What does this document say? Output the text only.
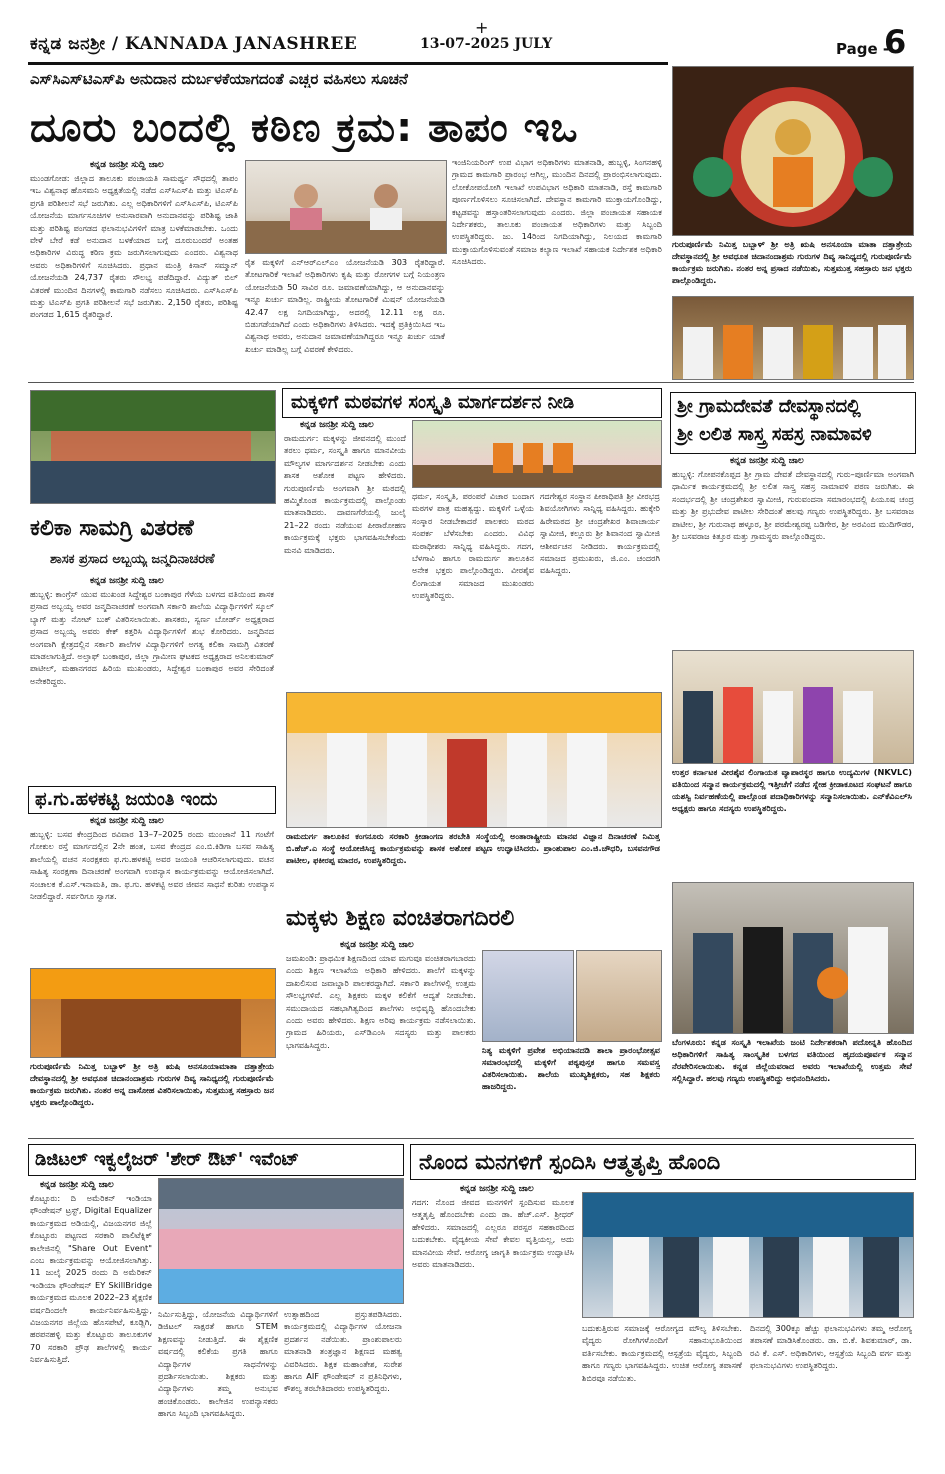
+
ಕನ್ನಡ ಜನಶ್ರೀ / KANNADA JANASHREE	13-07-2025 JULY	Page -
6
ಎಸ್‌ಸಿಎಸ್‌ಟಿಎಸ್‌ಪಿ ಅನುದಾನ ದುರ್ಬಳಕೆಯಾಗದಂತೆ ಎಚ್ಚರ ವಹಿಸಲು ಸೂಚನೆ
ದೂರು ಬಂದಲ್ಲಿ ಕಠಿಣ ಕ್ರಮ: ತಾಪಂ ಇಒ
ಕನ್ನಡ ಜನಶ್ರೀ ಸುದ್ದಿ ಜಾಲ
ಮುಂಡಗೋಡ: ಜಿಲ್ಲಾದ ತಾಲೂಕು ಪಂಚಾಯತಿ ಸಾಮರ್ಥ್ಯ ಸೌಧದಲ್ಲಿ ತಾಪಂ ಇಒ ವಿಶ್ವನಾಥ ಹೊಸಮನಿ ಅಧ್ಯಕ್ಷತೆಯಲ್ಲಿ ನಡೆದ ಎಸ್‌ಸಿಎಸ್‌ಪಿ ಮತ್ತು ಟಿಎಸ್‌ಪಿ ಪ್ರಗತಿ ಪರಿಶೀಲನೆ ಸಭೆ ಜರುಗಿತು. ಎಲ್ಲ ಅಧಿಕಾರಿಗಳಿಗೆ ಎಸ್‌ಸಿಎಸ್‌ಪಿ, ಟಿಎಸ್‌ಪಿ ಯೋಜನೆಯ ಮಾರ್ಗಸೂಚಿಗಳ ಅನುಸಾರವಾಗಿ ಅನುದಾನವನ್ನು ಪರಿಶಿಷ್ಟ ಜಾತಿ ಮತ್ತು ಪರಿಶಿಷ್ಟ ಪಂಗಡದ ಫಲಾನುಭವಿಗಳಿಗೆ ಮಾತ್ರ ಬಳಕೆಮಾಡಬೇಕು. ಒಂದು ವೇಳೆ ಬೇರೆ ಕಡೆ ಅನುದಾನ ಬಳಕೆಯಾದ ಬಗ್ಗೆ ದೂರುಬಂದರೆ ಅಂತಹ ಅಧಿಕಾರಿಗಳ ವಿರುದ್ಧ ಕಠಿಣ ಕ್ರಮ ಜರುಗಿಸಲಾಗುವುದು ಎಂದರು. ವಿಶ್ವನಾಥ ಅವರು ಅಧಿಕಾರಿಗಳಿಗೆ ಸೂಚಿಸಿದರು. ಪ್ರಧಾನ ಮಂತ್ರಿ ಕಿಸಾನ್ ಸಮ್ಮಾನ್ ಯೋಜನೆಯಡಿ 24,737 ರೈತರು ಸೌಲಭ್ಯ ಪಡೆದಿದ್ದಾರೆ. ವಿದ್ಯುತ್ ಬಿಲ್ ವಿತರಣೆ ಮುಂದಿನ ದಿನಗಳಲ್ಲಿ ಕಾಮಗಾರಿ ನಡೆಸಲು ಸೂಚಿಸಿದರು. ಎಸ್‌ಸಿಎಸ್‌ಪಿ ಮತ್ತು ಟಿಎಸ್‌ಪಿ ಪ್ರಗತಿ ಪರಿಶೀಲನೆ ಸಭೆ ಜರುಗಿತು. 2,150 ರೈತರು, ಪರಿಶಿಷ್ಟ ಪಂಗಡದ 1,615 ರೈತರಿದ್ದಾರೆ.
ರೈತ ಮಕ್ಕಳಿಗೆ ಎನ್‌ಆರ್‌ಎಲ್‌ಎಂ ಯೋಜನೆಯಡಿ 303 ರೈತರಿದ್ದಾರೆ. ತೋಟಗಾರಿಕೆ ಇಲಾಖೆ ಅಧಿಕಾರಿಗಳು ಕೃಷಿ ಮತ್ತು ರೋಗಗಳ ಬಗ್ಗೆ ನಿಯಂತ್ರಣ ಯೋಜನೆಯಡಿ 50 ಸಾವಿರ ರೂ. ಜಮಾವಣೆಯಾಗಿದ್ದು, ಆ ಅನುದಾನವನ್ನು ಇನ್ನೂ ಖರ್ಚು ಮಾಡಿಲ್ಲ. ರಾಷ್ಟ್ರೀಯ ತೋಟಗಾರಿಕೆ ಮಿಷನ್ ಯೋಜನೆಯಡಿ 42.47 ಲಕ್ಷ ನಿಗದಿಯಾಗಿದ್ದು, ಅದರಲ್ಲಿ 12.11 ಲಕ್ಷ ರೂ. ಬಿಡುಗಡೆಯಾಗಿದೆ ಎಂದು ಅಧಿಕಾರಿಗಳು ತಿಳಿಸಿದರು. ಇದಕ್ಕೆ ಪ್ರತಿಕ್ರಿಯಿಸಿದ ಇಒ ವಿಶ್ವನಾಥ ಅವರು, ಅನುದಾನ ಜಮಾವಣೆಯಾಗಿದ್ದರೂ ಇನ್ನೂ ಖರ್ಚು ಯಾಕೆ ಖರ್ಚು ಮಾಡಿಲ್ಲ ಬಗ್ಗೆ ವಿವರಣೆ ಕೇಳಿದರು.
ಇಂಜಿನಿಯರಿಂಗ್ ಉಪ ವಿಭಾಗ ಅಧಿಕಾರಿಗಳು ಮಾತನಾಡಿ, ಹುಬ್ಬಳ್ಳಿ, ಸಿಂಗನಹಳ್ಳಿ ಗ್ರಾಮದ ಕಾಮಗಾರಿ ಪ್ರಾರಂಭ ಆಗಿಲ್ಲ, ಮುಂದಿನ ದಿನದಲ್ಲಿ ಪ್ರಾರಂಭಿಸಲಾಗುವುದು. ಲೋಕೋಪಯೋಗಿ ಇಲಾಖೆ ಉಪವಿಭಾಗ ಅಧಿಕಾರಿ ಮಾತನಾಡಿ, ರಸ್ತೆ ಕಾಮಗಾರಿ ಪೂರ್ಣಗೊಳಿಸಲು ಸೂಚಿಸಲಾಗಿದೆ. ದೇವಸ್ಥಾನ ಕಾಮಗಾರಿ ಮುಕ್ತಾಯಗೊಂಡಿದ್ದು, ಕಟ್ಟಡವನ್ನು ಹಸ್ತಾಂತರಿಸಲಾಗುವುದು ಎಂದರು. ಜಿಲ್ಲಾ ಪಂಚಾಯತ ಸಹಾಯಕ ನಿರ್ದೇಶಕರು, ತಾಲೂಕು ಪಂಚಾಯತ ಅಧಿಕಾರಿಗಳು ಮತ್ತು ಸಿಬ್ಬಂದಿ ಉಪಸ್ಥಿತರಿದ್ದರು. ಜು. 14ರಿಂದ ನಿಗದಿಯಾಗಿದ್ದು, ನಿಲಯದ ಕಾಮಗಾರಿ ಮುಕ್ತಾಯಗೊಳಿಸುವಂತೆ ಸಮಾಜ ಕಲ್ಯಾಣ ಇಲಾಖೆ ಸಹಾಯಕ ನಿರ್ದೇಶಕ ಅಧಿಕಾರಿ ಸೂಚಿಸಿದರು.
ಗುರುಪೂರ್ಣಿಮೆ ನಿಮಿತ್ತ ಬಬ್ಬಾಳ್‌ ಶ್ರೀ ಅತ್ರಿ ಋಷಿ ಅನಸೂಯಾ ಮಾತಾ ದತ್ತಾತ್ರೇಯ ದೇವಸ್ಥಾನದಲ್ಲಿ ಶ್ರೀ ಅವಧೂತ ಚಿದಾನಂದಾಶ್ರಮ ಗುರುಗಳ ದಿವ್ಯ ಸಾನಿಧ್ಯದಲ್ಲಿ ಗುರುಪೂರ್ಣಿಮೆ ಕಾರ್ಯಕ್ರಮ ಜರುಗಿತು. ನಂತರ ಅನ್ನ ಪ್ರಸಾದ ನಡೆಯಿತು, ಸುತ್ತಮುತ್ತ ಸಹಸ್ರಾರು ಜನ ಭಕ್ತರು ಪಾಲ್ಗೊಂಡಿದ್ದರು.
ಕಲಿಕಾ ಸಾಮಗ್ರಿ ವಿತರಣೆ
ಶಾಸಕ ಪ್ರಸಾದ ಅಬ್ಬಯ್ಯ ಜನ್ಮದಿನಾಚರಣೆ
ಕನ್ನಡ ಜನಶ್ರೀ ಸುದ್ದಿ ಜಾಲ
ಹುಬ್ಬಳ್ಳಿ: ಕಾಂಗ್ರೆಸ್ ಯುವ ಮುಖಂಡ ಸಿದ್ದೇಶ್ವರ ಬಂಕಾಪುರ ಗೆಳೆಯ ಬಳಗದ ವತಿಯಿಂದ ಶಾಸಕ ಪ್ರಸಾದ ಅಬ್ಬಯ್ಯ ಅವರ ಜನ್ಮದಿನಾಚರಣೆ ಅಂಗವಾಗಿ ಸರ್ಕಾರಿ ಶಾಲೆಯ ವಿದ್ಯಾರ್ಥಿಗಳಿಗೆ ಸ್ಕೂಲ್ ಬ್ಯಾಗ್ ಮತ್ತು ನೋಟ್ ಬುಕ್ ವಿತರಿಸಲಾಯಿತು. ಶಾಸಕರು, ಸ್ವರ್ಣ ಬೋರ್ಡ್ ಅಧ್ಯಕ್ಷರಾದ ಪ್ರಸಾದ ಅಬ್ಬಯ್ಯ ಅವರು ಕೇಕ್ ಕತ್ತರಿಸಿ ವಿದ್ಯಾರ್ಥಿಗಳಿಗೆ ಶುಭ ಕೋರಿದರು. ಜನ್ಮದಿನದ ಅಂಗವಾಗಿ ಕ್ಷೇತ್ರದಲ್ಲಿನ ಸರ್ಕಾರಿ ಶಾಲೆಗಳ ವಿದ್ಯಾರ್ಥಿಗಳಿಗೆ ಅಗತ್ಯ ಕಲಿಕಾ ಸಾಮಗ್ರಿ ವಿತರಣೆ ಮಾಡಲಾಗುತ್ತಿದೆ. ಅಲ್ತಾಫ್ ಬಂಕಾಪುರ, ಜಿಲ್ಲಾ ಗ್ರಾಮೀಣ ಘಟಕದ ಅಧ್ಯಕ್ಷರಾದ ಅನಿಲಕುಮಾರ್ ಪಾಟೀಲ್, ಮಹಾನಗರದ ಹಿರಿಯ ಮುಖಂಡರು, ಸಿದ್ದೇಶ್ವರ ಬಂಕಾಪುರ ಅವರ ಸೇರಿದಂತೆ ಅನೇಕರಿದ್ದರು.
ಫ.ಗು.ಹಳಕಟ್ಟಿ ಜಯಂತಿ ಇಂದು
ಕನ್ನಡ ಜನಶ್ರೀ ಸುದ್ದಿ ಜಾಲ
ಹುಬ್ಬಳ್ಳಿ: ಬಸವ ಕೇಂದ್ರದಿಂದ ರವಿವಾರ 13–7–2025 ರಂದು ಮುಂಜಾನೆ 11 ಗಂಟೆಗೆ ಗೋಕುಲ ರಸ್ತೆ ಮಾರ್ಗದಲ್ಲಿನ 2ನೇ ಹಂತ, ಬಸವ ಕೇಂದ್ರದ ಎಂ.ಬಿ.ಕಿಡಿಗಾ ಬಸವ ಸಾಹಿತ್ಯ ಶಾಲೆಯಲ್ಲಿ ವಚನ ಸಂರಕ್ಷಕರು ಫ.ಗು.ಹಳಕಟ್ಟಿ ಅವರ ಜಯಂತಿ ಆಚರಿಸಲಾಗುವುದು. ವಚನ ಸಾಹಿತ್ಯ ಸಂರಕ್ಷಣಾ ದಿನಾಚರಣೆ ಅಂಗವಾಗಿ ಉಪನ್ಯಾಸ ಕಾರ್ಯಕ್ರಮವನ್ನು ಆಯೋಜಿಸಲಾಗಿದೆ. ಸಂಚಾಲಕ ಕೆ.ಎಸ್.ಇನಾಮತಿ, ಡಾ. ಫ.ಗು. ಹಳಕಟ್ಟಿ ಅವರ ಜೀವನ ಸಾಧನೆ ಕುರಿತು ಉಪನ್ಯಾಸ ನೀಡಲಿದ್ದಾರೆ. ಸರ್ವರಿಗೂ ಸ್ವಾಗತ.
ಗುರುಪೂರ್ಣಿಮೆ ನಿಮಿತ್ತ ಬಬ್ಬಾಳ್‌ ಶ್ರೀ ಅತ್ರಿ ಋಷಿ ಅನಸೂಯಾಮಾತಾ ದತ್ತಾತ್ರೇಯ ದೇವಸ್ಥಾನದಲ್ಲಿ ಶ್ರೀ ಅವಧೂತ ಚಿದಾನಂದಾಶ್ರಮ ಗುರುಗಳ ದಿವ್ಯ ಸಾನಿಧ್ಯದಲ್ಲಿ ಗುರುಪೂರ್ಣಿಮೆ ಕಾರ್ಯಕ್ರಮ ಜರುಗಿತು. ನಂತರ ಅನ್ನ ದಾಸೋಹ ವಿತರಿಸಲಾಯಿತು, ಸುತ್ತಮುತ್ತ ಸಹಸ್ರಾರು ಜನ ಭಕ್ತರು ಪಾಲ್ಗೊಂಡಿದ್ದರು.
ಮಕ್ಕಳಿಗೆ ಮಠವಗಳ ಸಂಸ್ಕೃತಿ ಮಾರ್ಗದರ್ಶನ ನೀಡಿ
ಕನ್ನಡ ಜನಶ್ರೀ ಸುದ್ದಿ ಜಾಲ
ರಾಮದುರ್ಗ: ಮಕ್ಕಳನ್ನು ಜೀವನದಲ್ಲಿ ಮುಂದೆ ತರಲು ಧರ್ಮ, ಸಂಸ್ಕೃತಿ ಹಾಗೂ ಮಾನವೀಯ ಮೌಲ್ಯಗಳ ಮಾರ್ಗದರ್ಶನ ನೀಡಬೇಕು ಎಂದು ಶಾಸಕ ಅಶೋಕ ಪಟ್ಟಣ ಹೇಳಿದರು. ಗುರುಪೂರ್ಣಿಮೆ ಅಂಗವಾಗಿ ಶ್ರೀ ಮಠದಲ್ಲಿ ಹಮ್ಮಿಕೊಂಡ ಕಾರ್ಯಕ್ರಮದಲ್ಲಿ ಪಾಲ್ಗೊಂಡು ಮಾತನಾಡಿದರು. ದಾವಣಗೆರೆಯಲ್ಲಿ ಜುಲೈ 21–22 ರಂದು ನಡೆಯುವ ಪೀಠಾರೋಹಣ ಕಾರ್ಯಕ್ರಮಕ್ಕೆ ಭಕ್ತರು ಭಾಗವಹಿಸಬೇಕೆಂದು ಮನವಿ ಮಾಡಿದರು.
ಧರ್ಮ, ಸಂಸ್ಕೃತಿ, ಪರಂಪರೆ ವಿಚಾರ ಬಂದಾಗ ಮಠಗಳ ಪಾತ್ರ ಮಹತ್ವದ್ದು. ಮಕ್ಕಳಿಗೆ ಒಳ್ಳೆಯ ಸಂಸ್ಕಾರ ನೀಡಬೇಕಾದರೆ ಪಾಲಕರು ಮಠದ ಸಂಪರ್ಕ ಬೆಳೆಸಬೇಕು ಎಂದರು. ವಿವಿಧ ಮಠಾಧೀಶರು ಸಾನ್ನಿಧ್ಯ ವಹಿಸಿದ್ದರು. ಗದಗ, ಬೆಳಗಾವಿ ಹಾಗೂ ರಾಮದುರ್ಗ ತಾಲೂಕಿನ ಅನೇಕ ಭಕ್ತರು ಪಾಲ್ಗೊಂಡಿದ್ದರು. ವೀರಶೈವ ಲಿಂಗಾಯತ ಸಮಾಜದ ಮುಖಂಡರು ಉಪಸ್ಥಿತರಿದ್ದರು.
ಗದಗೇಶ್ವರ ಸಂಸ್ಥಾನ ಪೀಠಾಧಿಪತಿ ಶ್ರೀ ವೀರಭದ್ರ ಶಿವಯೋಗಿಗಳು ಸಾನ್ನಿಧ್ಯ ವಹಿಸಿದ್ದರು. ಹುಕ್ಕೇರಿ ಹಿರೇಮಠದ ಶ್ರೀ ಚಂದ್ರಶೇಖರ ಶಿವಾಚಾರ್ಯ ಸ್ವಾಮೀಜಿ, ಕಲ್ಲೂರು ಶ್ರೀ ಶಿವಾನಂದ ಸ್ವಾಮೀಜಿ ಆಶೀರ್ವಚನ ನೀಡಿದರು. ಕಾರ್ಯಕ್ರಮದಲ್ಲಿ ಸಮಾಜದ ಪ್ರಮುಖರು, ಜಿ.ಎಂ. ಚಂದರಗಿ ವಹಿಸಿದ್ದರು.
ರಾಮದುರ್ಗ ತಾಲೂಕಿನ ಕಂಗನೂರು ಸರಕಾರಿ ಕ್ರೀಡಾಂಗಣ ತರಬೇತಿ ಸಂಸ್ಥೆಯಲ್ಲಿ ಅಂತಾರಾಷ್ಟ್ರೀಯ ಮಾನವ ವಿಜ್ಞಾನ ದಿನಾಚರಣೆ ನಿಮಿತ್ತ ಬಿ.ಹೆಚ್.ಎ ಸಂಸ್ಥೆ ಆಯೋಜಿಸಿದ್ದ ಕಾರ್ಯಕ್ರಮವನ್ನು ಶಾಸಕ ಅಶೋಕ ಪಟ್ಟಣ ಉದ್ಘಾಟಿಸಿದರು. ಪ್ರಾಂಶುಪಾಲ ಎಂ.ಜಿ.ಚೌಧರಿ, ಬಸವನಗೌಡ ಪಾಟೀಲ, ಫಕೀರಪ್ಪ ಮಾದರ, ಉಪಸ್ಥಿತರಿದ್ದರು.
ಮಕ್ಕಳು ಶಿಕ್ಷಣ ವಂಚಿತರಾಗದಿರಲಿ
ಕನ್ನಡ ಜನಶ್ರೀ ಸುದ್ದಿ ಜಾಲ
ಜಮಖಂಡಿ: ಪ್ರಾಥಮಿಕ ಶಿಕ್ಷಣದಿಂದ ಯಾವ ಮಗುವೂ ವಂಚಿತರಾಗಬಾರದು ಎಂದು ಶಿಕ್ಷಣ ಇಲಾಖೆಯ ಅಧಿಕಾರಿ ಹೇಳಿದರು. ಶಾಲೆಗೆ ಮಕ್ಕಳನ್ನು ದಾಖಲಿಸುವ ಜವಾಬ್ದಾರಿ ಪಾಲಕರದ್ದಾಗಿದೆ. ಸರ್ಕಾರಿ ಶಾಲೆಗಳಲ್ಲಿ ಉತ್ತಮ ಸೌಲಭ್ಯಗಳಿವೆ. ಎಲ್ಲ ಶಿಕ್ಷಕರು ಮಕ್ಕಳ ಕಲಿಕೆಗೆ ಆದ್ಯತೆ ನೀಡಬೇಕು. ಸಮುದಾಯದ ಸಹಭಾಗಿತ್ವದಿಂದ ಶಾಲೆಗಳು ಅಭಿವೃದ್ಧಿ ಹೊಂದಬೇಕು ಎಂದು ಅವರು ಹೇಳಿದರು. ಶಿಕ್ಷಣ ಅರಿವು ಕಾರ್ಯಕ್ರಮ ನಡೆಸಲಾಯಿತು. ಗ್ರಾಮದ ಹಿರಿಯರು, ಎಸ್‌ಡಿಎಂಸಿ ಸದಸ್ಯರು ಮತ್ತು ಪಾಲಕರು ಭಾಗವಹಿಸಿದ್ದರು.
ನಿತ್ಯ ಮಕ್ಕಳಿಗೆ ಪ್ರವೇಶ ಅಭಿಯಾನದಡಿ ಶಾಲಾ ಪ್ರಾರಂಭೋತ್ಸವ ಸಮಾರಂಭದಲ್ಲಿ ಮಕ್ಕಳಿಗೆ ಪಠ್ಯಪುಸ್ತಕ ಹಾಗೂ ಸಮವಸ್ತ್ರ ವಿತರಿಸಲಾಯಿತು. ಶಾಲೆಯ ಮುಖ್ಯಶಿಕ್ಷಕರು, ಸಹ ಶಿಕ್ಷಕರು ಹಾಜರಿದ್ದರು.
ಶ್ರೀ ಗ್ರಾಮದೇವತೆ ದೇವಸ್ಥಾನದಲ್ಲಿ
ಶ್ರೀ ಲಲಿತ ಸಾಸ್ತ್ರ ಸಹಸ್ರ ನಾಮಾವಳಿ
ಕನ್ನಡ ಜನಶ್ರೀ ಸುದ್ದಿ ಜಾಲ
ಹುಬ್ಬಳ್ಳಿ: ಗೋಪನಕೊಪ್ಪದ ಶ್ರೀ ಗ್ರಾಮ ದೇವತೆ ದೇವಸ್ಥಾನದಲ್ಲಿ ಗುರು–ಪೂರ್ಣಿಮಾ ಅಂಗವಾಗಿ ಧಾರ್ಮಿಕ ಕಾರ್ಯಕ್ರಮದಲ್ಲಿ ಶ್ರೀ ಲಲಿತ ಸಾಸ್ತ್ರ ಸಹಸ್ರ ನಾಮಾವಳಿ ಪಠಣ ಜರುಗಿತು. ಈ ಸಂದರ್ಭದಲ್ಲಿ ಶ್ರೀ ಚಂದ್ರಶೇಖರ ಸ್ವಾಮೀಜಿ, ಗುರುವಂದನಾ ಸಮಾರಂಭದಲ್ಲಿ ಪಿಯೂಷ ಚಂದ್ರ ಮತ್ತು ಶ್ರೀ ಪ್ರಭುದೇವ ಪಾಟೀಲ ಸೇರಿದಂತೆ ಹಲವು ಗಣ್ಯರು ಉಪಸ್ಥಿತರಿದ್ದರು. ಶ್ರೀ ಬಸವರಾಜ ಪಾಟೀಲ, ಶ್ರೀ ಗುರುನಾಥ ಹಳ್ಳೂರ, ಶ್ರೀ ಪರಮೇಶ್ವರಪ್ಪ ಬಡಿಗೇರ, ಶ್ರೀ ಅರವಿಂದ ಮುದಿಗೌಡರ, ಶ್ರೀ ಬಸವರಾಜ ಕಿತ್ತೂರ ಮತ್ತು ಗ್ರಾಮಸ್ಥರು ಪಾಲ್ಗೊಂಡಿದ್ದರು.
ಉತ್ತರ ಕರ್ನಾಟಕ ವೀರಶೈವ ಲಿಂಗಾಯತ ವ್ಯಾಪಾರಸ್ಥರ ಹಾಗೂ ಉದ್ಯಮಿಗಳ (NKVLC) ವತಿಯಿಂದ ಸನ್ಮಾನ ಕಾರ್ಯಕ್ರಮದಲ್ಲಿ ಇತ್ತೀಚೆಗೆ ನಡೆದ ಸ್ನೇಹ ಕ್ರೀಡಾಕೂಟದ ಸಂಘಟನೆ ಹಾಗೂ ಯಶಸ್ವಿ ನಿರ್ವಹಣೆಯಲ್ಲಿ ಪಾಲ್ಗೊಂಡ ಪದಾಧಿಕಾರಿಗಳನ್ನು ಸನ್ಮಾನಿಸಲಾಯಿತು. ಎನ್‌ಕೆವಿಎಲ್‌ಸಿ ಅಧ್ಯಕ್ಷರು ಹಾಗೂ ಸದಸ್ಯರು ಉಪಸ್ಥಿತರಿದ್ದರು.
ಬೆಂಗಳೂರು: ಕನ್ನಡ ಸಂಸ್ಕೃತಿ ಇಲಾಖೆಯ ಜಂಟಿ ನಿರ್ದೇಶಕರಾಗಿ ಪದೋನ್ನತಿ ಹೊಂದಿದ ಅಧಿಕಾರಿಗಳಿಗೆ ಸಾಹಿತ್ಯ ಸಾಂಸ್ಕೃತಿಕ ಬಳಗದ ವತಿಯಿಂದ ಹೃದಯಪೂರ್ವಕ ಸನ್ಮಾನ ನೆರವೇರಿಸಲಾಯಿತು. ಕನ್ನಡ ಜಿಲ್ಲೆಯವರಾದ ಅವರು ಇಲಾಖೆಯಲ್ಲಿ ಉತ್ತಮ ಸೇವೆ ಸಲ್ಲಿಸಿದ್ದಾರೆ. ಹಲವು ಗಣ್ಯರು ಉಪಸ್ಥಿತರಿದ್ದು ಅಭಿನಂದಿಸಿದರು.
ಡಿಜಿಟಲ್ ಇಕ್ವಲೈಜರ್ 'ಶೇರ್ ಔಟ್' ಇವೆಂಟ್
ಕನ್ನಡ ಜನಶ್ರೀ ಸುದ್ದಿ ಜಾಲ
ಕೊಟ್ಟೂರು: ದಿ ಅಮೆರಿಕನ್ ಇಂಡಿಯಾ ಫೌಂಡೇಷನ್ ಟ್ರಸ್ಟ್, Digital Equalizer ಕಾರ್ಯಕ್ರಮದ ಅಡಿಯಲ್ಲಿ, ವಿಜಯನಗರ ಜಿಲ್ಲೆ ಕೊಟ್ಟೂರು ಪಟ್ಟಣದ ಸರಕಾರಿ ಪಾಲಿಟೆಕ್ನಿಕ್ ಕಾಲೇಜಿನಲ್ಲಿ "Share Out Event" ಎಂಬ ಕಾರ್ಯಕ್ರಮವನ್ನು ಆಯೋಜಿಸಲಾಗಿತ್ತು. 11 ಜುಲೈ 2025 ರಂದು ದಿ ಅಮೆರಿಕನ್ ಇಂಡಿಯಾ ಫೌಂಡೇಷನ್ EY SkillBridge ಕಾರ್ಯಕ್ರಮದ ಮೂಲಕ 2022–23 ಶೈಕ್ಷಣಿಕ ವರ್ಷದಿಂದಲೇ ಕಾರ್ಯನಿರ್ವಹಿಸುತ್ತಿದ್ದು, ವಿಜಯನಗರ ಜಿಲ್ಲೆಯ ಹೊಸಪೇಟೆ, ಕೂಡ್ಲಿಗಿ, ಹರಪನಹಳ್ಳಿ ಮತ್ತು ಕೊಟ್ಟೂರು ತಾಲೂಕುಗಳ 70 ಸರಕಾರಿ ಪ್ರೌಢ ಶಾಲೆಗಳಲ್ಲಿ ಕಾರ್ಯ ನಿರ್ವಹಿಸುತ್ತಿದೆ.
ನಿರ್ಮಿಸುತ್ತಿದ್ದು, ಯೋಜನೆಯ ವಿದ್ಯಾರ್ಥಿಗಳಿಗೆ ಡಿಜಿಟಲ್ ಸಾಕ್ಷರತೆ ಹಾಗೂ STEM ಶಿಕ್ಷಣವನ್ನು ನೀಡುತ್ತಿದೆ. ಈ ಶೈಕ್ಷಣಿಕ ವರ್ಷದಲ್ಲಿ ಕಲಿಕೆಯ ಪ್ರಗತಿ ಹಾಗೂ ವಿದ್ಯಾರ್ಥಿಗಳ ಸಾಧನೆಗಳನ್ನು ಪ್ರದರ್ಶಿಸಲಾಯಿತು. ಶಿಕ್ಷಕರು ಮತ್ತು ವಿದ್ಯಾರ್ಥಿಗಳು ತಮ್ಮ ಅನುಭವ ಹಂಚಿಕೊಂಡರು. ಕಾಲೇಜಿನ ಉಪನ್ಯಾಸಕರು ಹಾಗೂ ಸಿಬ್ಬಂದಿ ಭಾಗವಹಿಸಿದ್ದರು.
ಉತ್ಸಾಹದಿಂದ ಪ್ರಸ್ತುತಪಡಿಸಿದರು. ಕಾರ್ಯಕ್ರಮದಲ್ಲಿ ವಿದ್ಯಾರ್ಥಿಗಳ ಯೋಜನಾ ಪ್ರದರ್ಶನ ನಡೆಯಿತು. ಪ್ರಾಂಶುಪಾಲರು ಮಾತನಾಡಿ ತಂತ್ರಜ್ಞಾನ ಶಿಕ್ಷಣದ ಮಹತ್ವ ವಿವರಿಸಿದರು. ಶಿಕ್ಷಕ ಮಹಾಂತೇಶ, ಸುರೇಶ ಹಾಗೂ AIF ಫೌಂಡೇಷನ್ ನ ಪ್ರತಿನಿಧಿಗಳು, ಕೌಶಲ್ಯ ತರಬೇತಿದಾರರು ಉಪಸ್ಥಿತರಿದ್ದರು.
ನೊಂದ ಮನಗಳಿಗೆ ಸ್ಪಂದಿಸಿ ಆತ್ಮತೃಪ್ತಿ ಹೊಂದಿ
ಕನ್ನಡ ಜನಶ್ರೀ ಸುದ್ದಿ ಜಾಲ
ಗದಗ: ನೊಂದ ಜೀವದ ಮನಗಳಿಗೆ ಸ್ಪಂದಿಸುವ ಮೂಲಕ ಆತ್ಮತೃಪ್ತಿ ಹೊಂದಬೇಕು ಎಂದು ಡಾ. ಹೆಚ್.ಎಸ್. ಶ್ರೀಧರ್ ಹೇಳಿದರು. ಸಮಾಜದಲ್ಲಿ ಎಲ್ಲರೂ ಪರಸ್ಪರ ಸಹಕಾರದಿಂದ ಬದುಕಬೇಕು. ವೈದ್ಯಕೀಯ ಸೇವೆ ಕೇವಲ ವೃತ್ತಿಯಲ್ಲ, ಅದು ಮಾನವೀಯ ಸೇವೆ. ಆರೋಗ್ಯ ಜಾಗೃತಿ ಕಾರ್ಯಕ್ರಮ ಉದ್ಘಾಟಿಸಿ ಅವರು ಮಾತನಾಡಿದರು.
ಬದುಕುತ್ತಿರುವ ಸಮಾಜಕ್ಕೆ ಆರೋಗ್ಯದ ಮೌಲ್ಯ ತಿಳಿಸಬೇಕು. ವೈದ್ಯರು ರೋಗಿಗಳೊಂದಿಗೆ ಸಹಾನುಭೂತಿಯಿಂದ ವರ್ತಿಸಬೇಕು. ಕಾರ್ಯಕ್ರಮದಲ್ಲಿ ಆಸ್ಪತ್ರೆಯ ವೈದ್ಯರು, ಸಿಬ್ಬಂದಿ ಹಾಗೂ ಗಣ್ಯರು ಭಾಗವಹಿಸಿದ್ದರು. ಉಚಿತ ಆರೋಗ್ಯ ತಪಾಸಣೆ ಶಿಬಿರವೂ ನಡೆಯಿತು.
ದಿನದಲ್ಲಿ 300ಕ್ಕೂ ಹೆಚ್ಚು ಫಲಾನುಭವಿಗಳು ತಮ್ಮ ಆರೋಗ್ಯ ತಪಾಸಣೆ ಮಾಡಿಸಿಕೊಂಡರು. ಡಾ. ಬಿ.ಕೆ. ಶಿವಕುಮಾರ್, ಡಾ. ರವಿ ಕೆ. ಎಸ್. ಅಧಿಕಾರಿಗಳು, ಆಸ್ಪತ್ರೆಯ ಸಿಬ್ಬಂದಿ ವರ್ಗ ಮತ್ತು ಫಲಾನುಭವಿಗಳು ಉಪಸ್ಥಿತರಿದ್ದರು.
